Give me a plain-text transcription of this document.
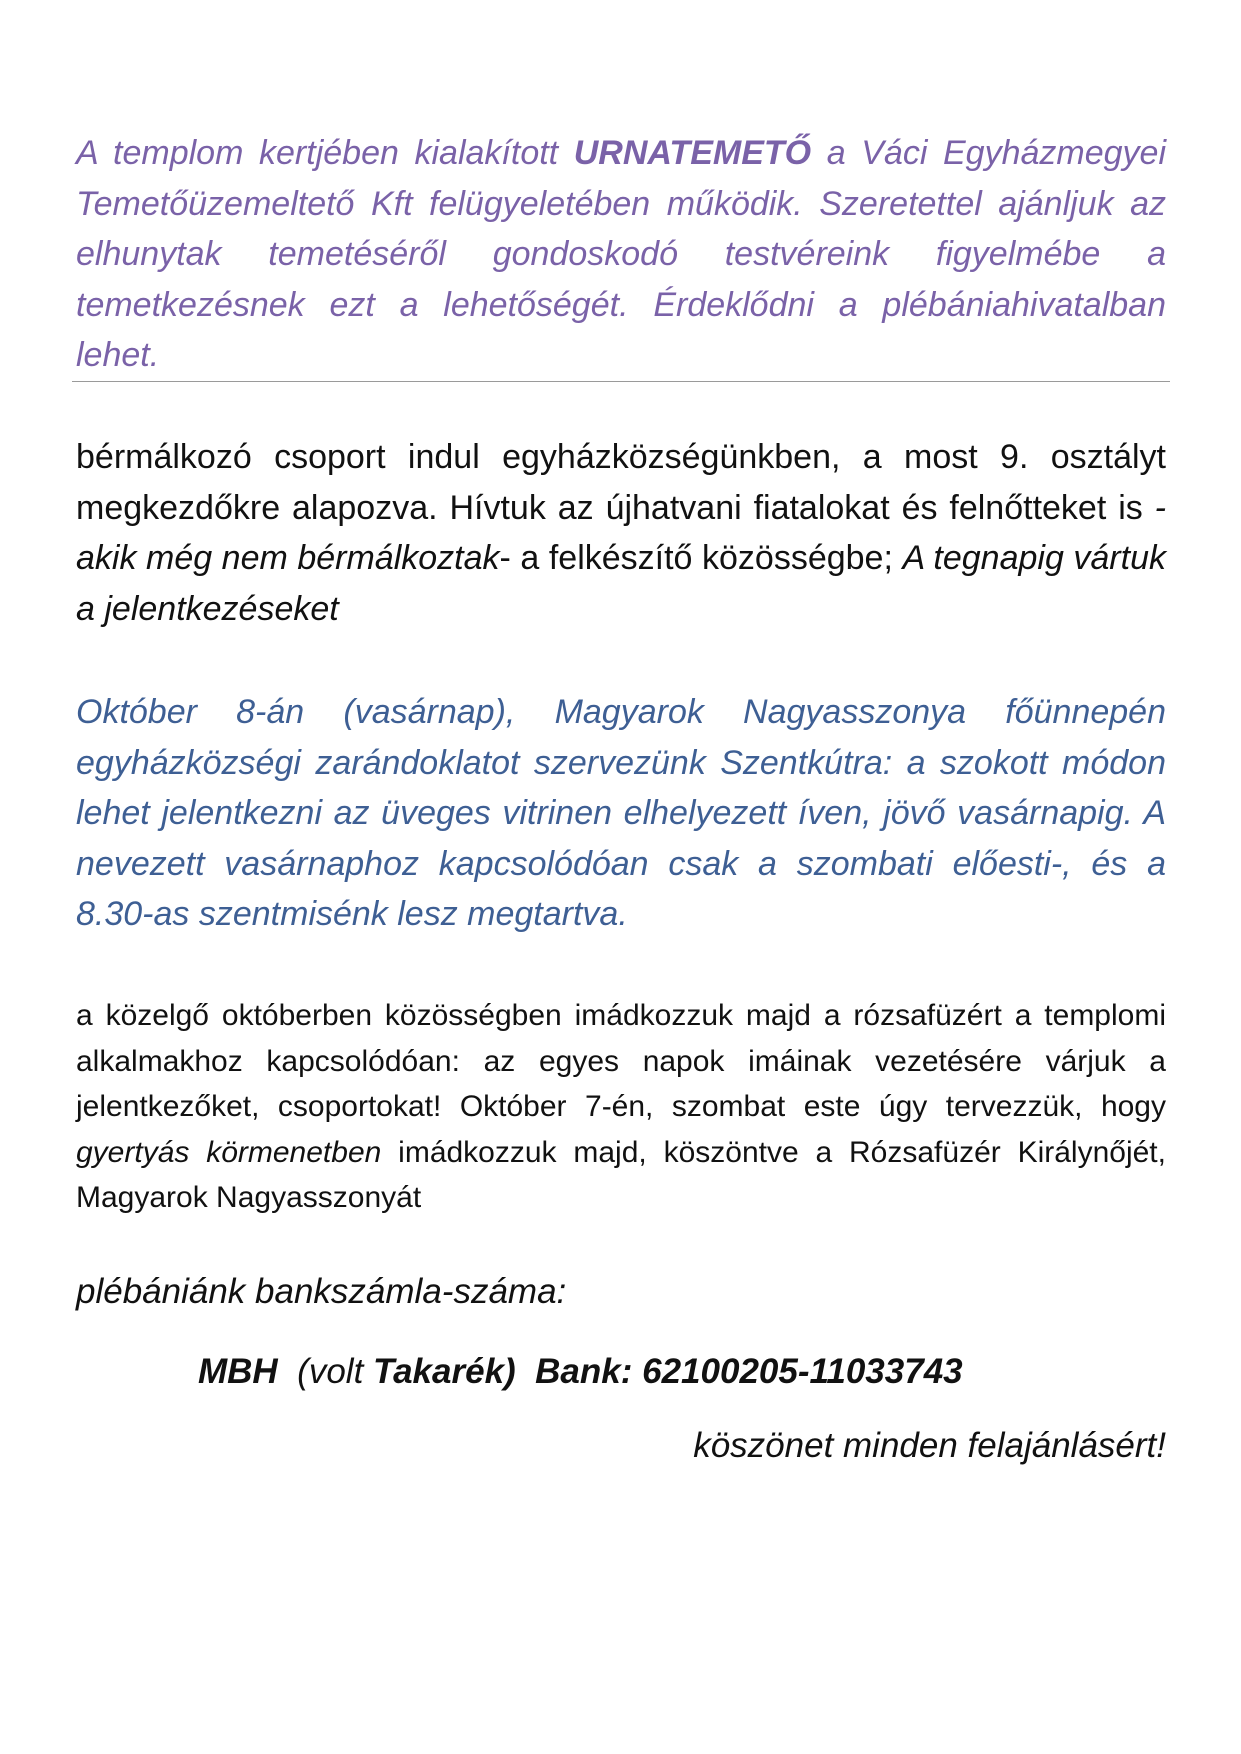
A templom kertjében kialakított URNATEMETŐ a Váci Egyházmegyei Temetőüzemeltető Kft felügyeletében működik. Szeretettel ajánljuk az elhunytak temetéséről gondoskodó testvéreink figyelmébe a temetkezésnek ezt a lehetőségét. Érdeklődni a plébániahivatalban lehet.
bérmálkozó csoport indul egyházközségünkben, a most 9. osztályt megkezdőkre alapozva. Hívtuk az újhatvani fiatalokat és felnőtteket is -akik még nem bérmálkoztak- a felkészítő közösségbe; A tegnapig vártuk a jelentkezéseket
Október 8-án (vasárnap), Magyarok Nagyasszonya főünnepén egyházközségi zarándoklatot szervezünk Szentkútra: a szokott módon lehet jelentkezni az üveges vitrinen elhelyezett íven, jövő vasárnapig. A nevezett vasárnaphoz kapcsolódóan csak a szombati előesti-, és a 8.30-as szentmisénk lesz megtartva.
a közelgő októberben közösségben imádkozzuk majd a rózsafüzért a templomi alkalmakhoz kapcsolódóan: az egyes napok imáinak vezetésére várjuk a jelentkezőket, csoportokat! Október 7-én, szombat este úgy tervezzük, hogy gyertyás körmenetben imádkozzuk majd, köszöntve a Rózsafüzér Királynőjét, Magyarok Nagyasszonyát
plébániánk bankszámla-száma:
MBH  (volt Takarék)  Bank: 62100205-11033743
köszönet minden felajánlásért!
